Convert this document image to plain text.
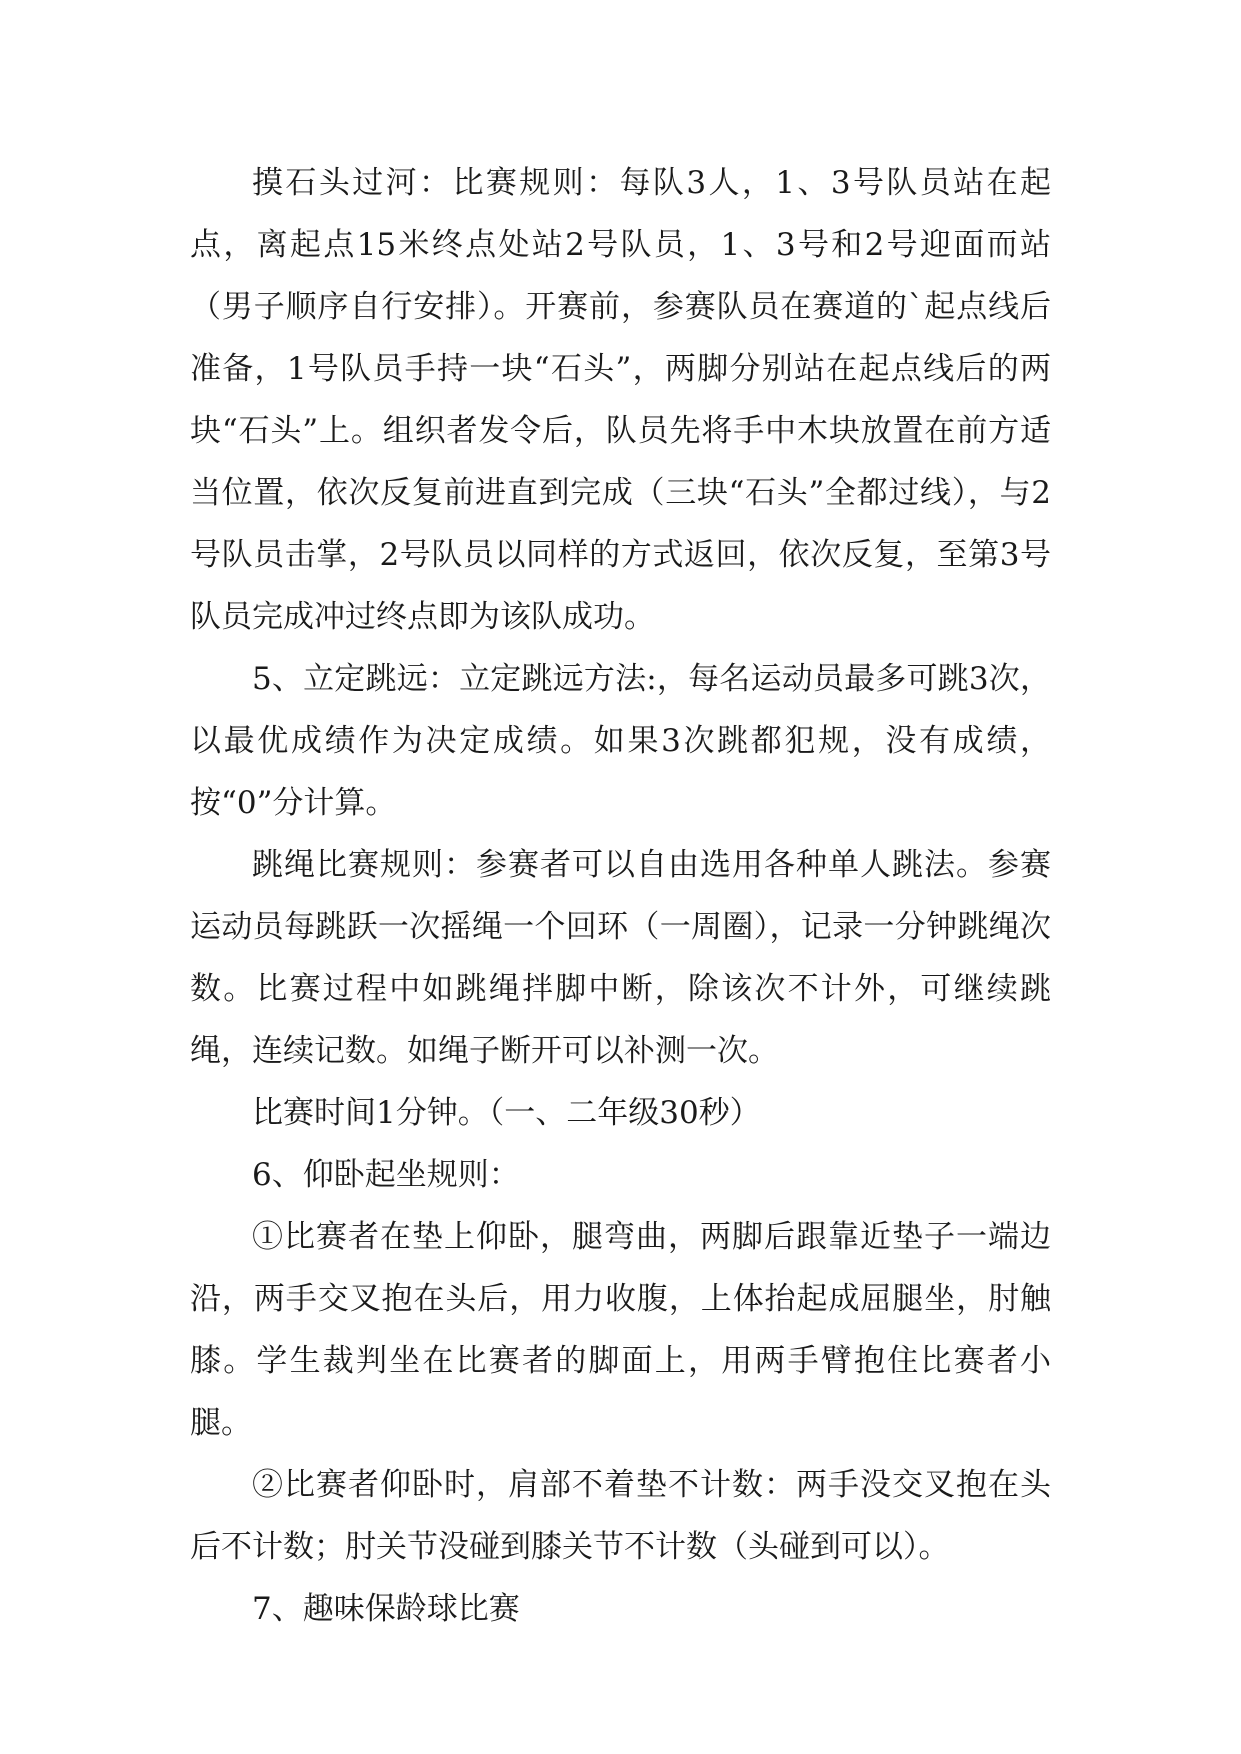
摸石头过河：比赛规则：每队3人，1、3号队员站在起点，离起点15米终点处站2号队员，1、3号和2号迎面而站（男子顺序自行安排）。开赛前，参赛队员在赛道的`起点线后准备，1号队员手持一块“石头”，两脚分别站在起点线后的两块“石头”上。组织者发令后，队员先将手中木块放置在前方适当位置，依次反复前进直到完成（三块“石头”全都过线），与2号队员击掌，2号队员以同样的方式返回，依次反复，至第3号队员完成冲过终点即为该队成功。

5、立定跳远：立定跳远方法:，每名运动员最多可跳3次，以最优成绩作为决定成绩。如果3次跳都犯规，没有成绩，按“0”分计算。

跳绳比赛规则：参赛者可以自由选用各种单人跳法。参赛运动员每跳跃一次摇绳一个回环（一周圈），记录一分钟跳绳次数。比赛过程中如跳绳拌脚中断，除该次不计外，可继续跳绳，连续记数。如绳子断开可以补测一次。

比赛时间1分钟。（一、二年级30秒）

6、仰卧起坐规则：

①比赛者在垫上仰卧，腿弯曲，两脚后跟靠近垫子一端边沿，两手交叉抱在头后，用力收腹，上体抬起成屈腿坐，肘触膝。学生裁判坐在比赛者的脚面上，用两手臂抱住比赛者小腿。

②比赛者仰卧时，肩部不着垫不计数：两手没交叉抱在头后不计数；肘关节没碰到膝关节不计数（头碰到可以）。

7、趣味保龄球比赛
